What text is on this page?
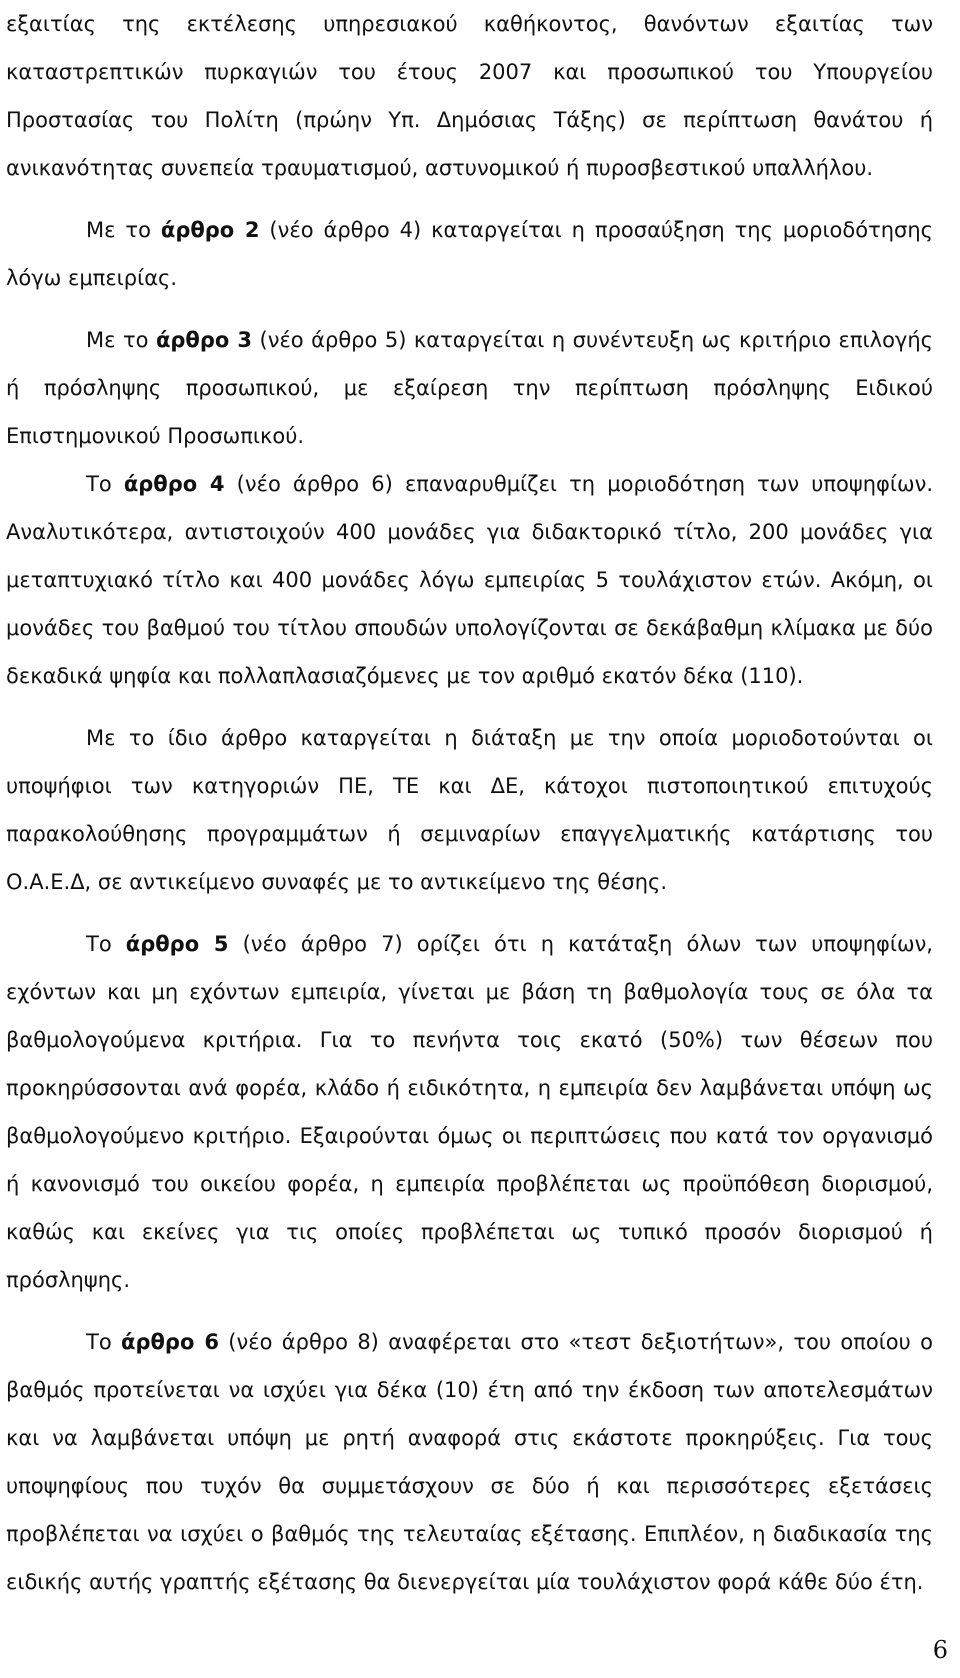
εξαιτίας της εκτέλεσης υπηρεσιακού καθήκοντος, θανόντων εξαιτίας των καταστρεπτικών πυρκαγιών του έτους 2007 και προσωπικού του Υπουργείου Προστασίας του Πολίτη (πρώην Υπ. Δημόσιας Τάξης) σε περίπτωση θανάτου ή ανικανότητας συνεπεία τραυματισμού, αστυνομικού ή πυροσβεστικού υπαλλήλου.

Με το άρθρο 2 (νέο άρθρο 4) καταργείται η προσαύξηση της μοριοδότησης λόγω εμπειρίας.

Με το άρθρο 3 (νέο άρθρο 5) καταργείται η συνέντευξη ως κριτήριο επιλογής ή πρόσληψης προσωπικού, με εξαίρεση την περίπτωση πρόσληψης Ειδικού Επιστημονικού Προσωπικού.

Το άρθρο 4 (νέο άρθρο 6) επαναρυθμίζει τη μοριοδότηση των υποψηφίων. Αναλυτικότερα, αντιστοιχούν 400 μονάδες για διδακτορικό τίτλο, 200 μονάδες για μεταπτυχιακό τίτλο και 400 μονάδες λόγω εμπειρίας 5 τουλάχιστον ετών. Ακόμη, οι μονάδες του βαθμού του τίτλου σπουδών υπολογίζονται σε δεκάβαθμη κλίμακα με δύο δεκαδικά ψηφία και πολλαπλασιαζόμενες με τον αριθμό εκατόν δέκα (110).

Με το ίδιο άρθρο καταργείται η διάταξη με την οποία μοριοδοτούνται οι υποψήφιοι των κατηγοριών ΠΕ, ΤΕ και ΔΕ, κάτοχοι πιστοποιητικού επιτυχούς παρακολούθησης προγραμμάτων ή σεμιναρίων επαγγελματικής κατάρτισης του Ο.Α.Ε.Δ, σε αντικείμενο συναφές με το αντικείμενο της θέσης.

Το άρθρο 5 (νέο άρθρο 7) ορίζει ότι η κατάταξη όλων των υποψηφίων, εχόντων και μη εχόντων εμπειρία, γίνεται με βάση τη βαθμολογία τους σε όλα τα βαθμολογούμενα κριτήρια. Για το πενήντα τοις εκατό (50%) των θέσεων που προκηρύσσονται ανά φορέα, κλάδο ή ειδικότητα, η εμπειρία δεν λαμβάνεται υπόψη ως βαθμολογούμενο κριτήριο. Εξαιρούνται όμως οι περιπτώσεις που κατά τον οργανισμό ή κανονισμό του οικείου φορέα, η εμπειρία προβλέπεται ως προϋπόθεση διορισμού, καθώς και εκείνες για τις οποίες προβλέπεται ως τυπικό προσόν διορισμού ή πρόσληψης.

Το άρθρο 6 (νέο άρθρο 8) αναφέρεται στο «τεστ δεξιοτήτων», του οποίου ο βαθμός προτείνεται να ισχύει για δέκα (10) έτη από την έκδοση των αποτελεσμάτων και να λαμβάνεται υπόψη με ρητή αναφορά στις εκάστοτε προκηρύξεις. Για τους υποψηφίους που τυχόν θα συμμετάσχουν σε δύο ή και περισσότερες εξετάσεις προβλέπεται να ισχύει ο βαθμός της τελευταίας εξέτασης. Επιπλέον, η διαδικασία της ειδικής αυτής γραπτής εξέτασης θα διενεργείται μία τουλάχιστον φορά κάθε δύο έτη.

6
